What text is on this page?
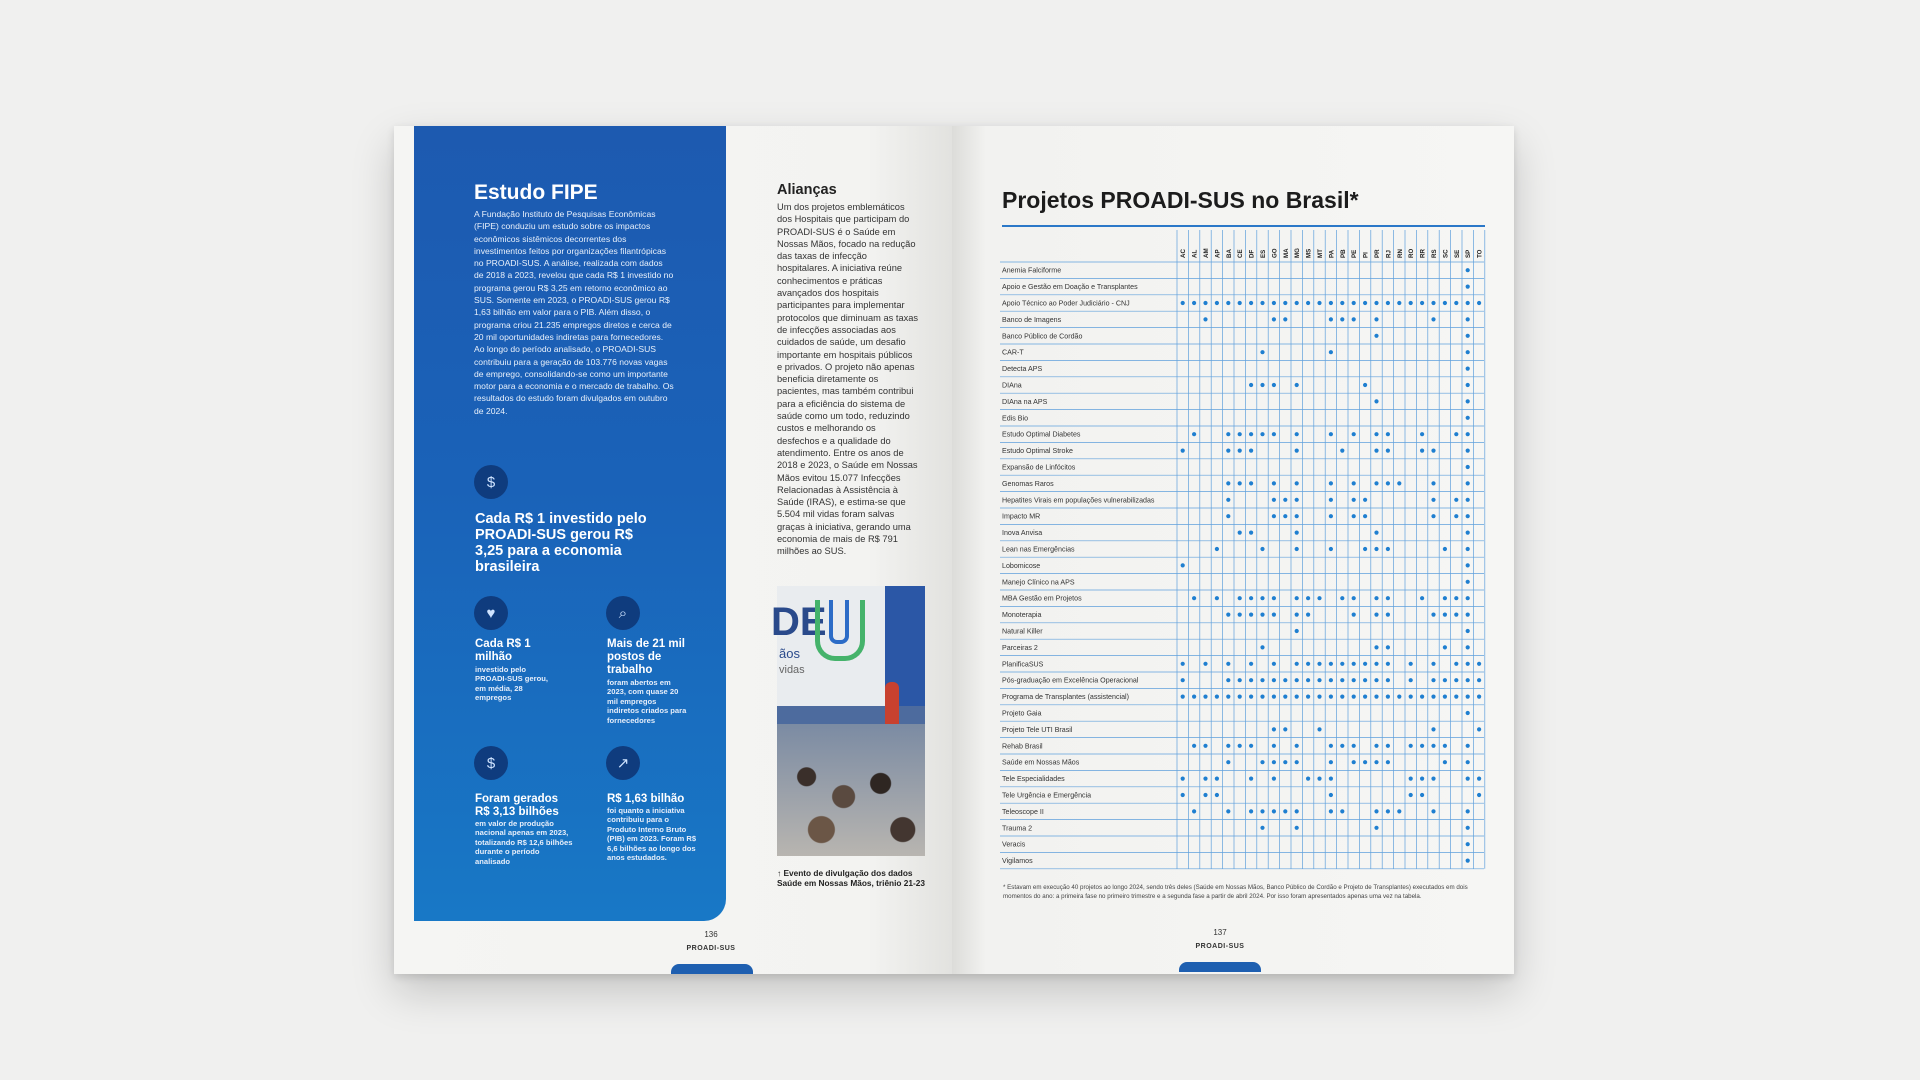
Estudo FIPE
A Fundação Instituto de Pesquisas Econômicas (FIPE) conduziu um estudo sobre os impactos econômicos sistêmicos decorrentes dos investimentos feitos por organizações filantrópicas no PROADI-SUS. A análise, realizada com dados de 2018 a 2023, revelou que cada R$ 1 investido no programa gerou R$ 3,25 em retorno econômico ao SUS. Somente em 2023, o PROADI-SUS gerou R$ 1,63 bilhão em valor para o PIB. Além disso, o programa criou 21.235 empregos diretos e cerca de 20 mil oportunidades indiretas para fornecedores. Ao longo do período analisado, o PROADI-SUS contribuiu para a geração de 103.776 novas vagas de emprego, consolidando-se como um importante motor para a economia e o mercado de trabalho. Os resultados do estudo foram divulgados em outubro de 2024.
$
Cada R$ 1 investido pelo PROADI-SUS gerou R$ 3,25 para a economia brasileira
♥
Cada R$ 1 milhão
investido pelo PROADI-SUS gerou, em média, 28 empregos
⌕
Mais de 21 mil postos de trabalho
foram abertos em 2023, com quase 20 mil empregos indiretos criados para fornecedores
$
Foram gerados R$ 3,13 bilhões
em valor de produção nacional apenas em 2023, totalizando R$ 12,6 bilhões durante o período analisado
↗
R$ 1,63 bilhão
foi quanto a iniciativa contribuiu para o Produto Interno Bruto (PIB) em 2023. Foram R$ 6,6 bilhões ao longo dos anos estudados.
Alianças
Um dos projetos emblemáticos dos Hospitais que participam do PROADI-SUS é o Saúde em Nossas Mãos, focado na redução das taxas de infecção hospitalares. A iniciativa reúne conhecimentos e práticas avançados dos hospitais participantes para implementar protocolos que diminuam as taxas de infecções associadas aos cuidados de saúde, um desafio importante em hospitais públicos e privados. O projeto não apenas beneficia diretamente os pacientes, mas também contribui para a eficiência do sistema de saúde como um todo, reduzindo custos e melhorando os desfechos e a qualidade do atendimento. Entre os anos de 2018 e 2023, o Saúde em Nossas Mãos evitou 15.077 Infecções Relacionadas à Assistência à Saúde (IRAS), e estima-se que 5.504 mil vidas foram salvas graças à iniciativa, gerando uma economia de mais de R$ 791 milhões ao SUS.
DE
ãos
vidas
↑ Evento de divulgação dos dados Saúde em Nossas Mãos, triênio 21-23
136
PROADI-SUS
Projetos PROADI-SUS no Brasil*
AC AL AM AP BA CE DF ES GO MA MG MS MT PA PB PE PI PR RJ RN RO RR RS SC SE SP TO
Anemia Falciforme
Apoio e Gestão em Doação e Transplantes
Apoio Técnico ao Poder Judiciário - CNJ
Banco de Imagens
Banco Público de Cordão
CAR-T
Detecta APS
DIAna
DIAna na APS
Edis Bio
Estudo Optimal Diabetes
Estudo Optimal Stroke
Expansão de Linfócitos
Genomas Raros
Hepatites Virais em populações vulnerabilizadas
Impacto MR
Inova Anvisa
Lean nas Emergências
Lobomicose
Manejo Clínico na APS
MBA Gestão em Projetos
Monoterapia
Natural Killer
Parceiras 2
PlanificaSUS
Pós-graduação em Excelência Operacional
Programa de Transplantes (assistencial)
Projeto Gaia
Projeto Tele UTI Brasil
Rehab Brasil
Saúde em Nossas Mãos
Tele Especialidades
Tele Urgência e Emergência
Teleoscope II
Trauma 2
Veracis
Vigilamos
* Estavam em execução 40 projetos ao longo 2024, sendo três deles (Saúde em Nossas Mãos, Banco Público de Cordão e Projeto de Transplantes) executados em dois momentos do ano: a primeira fase no primeiro trimestre e a segunda fase a partir de abril 2024. Por isso foram apresentados apenas uma vez na tabela.
137
PROADI-SUS
